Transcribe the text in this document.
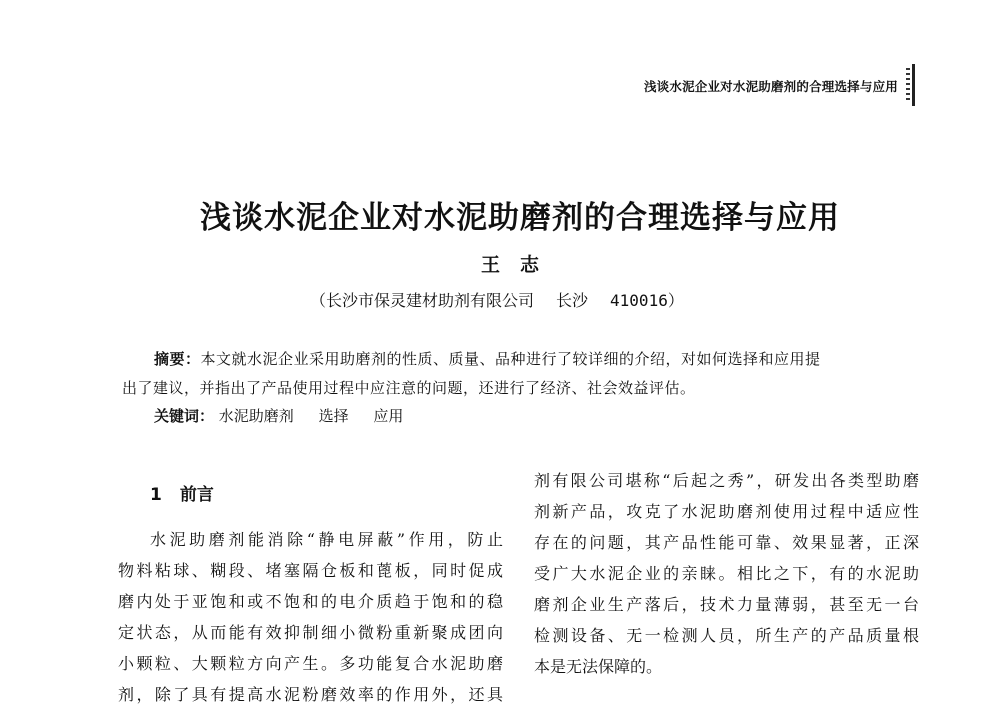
浅谈水泥企业对水泥助磨剂的合理选择与应用
浅谈水泥企业对水泥助磨剂的合理选择与应用
王志
（长沙市保灵建材助剂有限公司 长沙 410016）
摘要：本文就水泥企业采用助磨剂的性质、质量、品种进行了较详细的介绍，对如何选择和应用提
出了建议，并指出了产品使用过程中应注意的问题，还进行了经济、社会效益评估。
关键词： 水泥助磨剂 选择 应用
1 前言
水泥助磨剂能消除“静电屏蔽”作用，防止
物料粘球、糊段、堵塞隔仓板和蓖板，同时促成
磨内处于亚饱和或不饱和的电介质趋于饱和的稳
定状态，从而能有效抑制细小微粉重新聚成团向
小颗粒、大颗粒方向产生。多功能复合水泥助磨
剂，除了具有提高水泥粉磨效率的作用外，还具
剂有限公司堪称“后起之秀”，研发出各类型助磨
剂新产品，攻克了水泥助磨剂使用过程中适应性
存在的问题，其产品性能可靠、效果显著，正深
受广大水泥企业的亲睐。相比之下，有的水泥助
磨剂企业生产落后，技术力量薄弱，甚至无一台
检测设备、无一检测人员，所生产的产品质量根
本是无法保障的。
